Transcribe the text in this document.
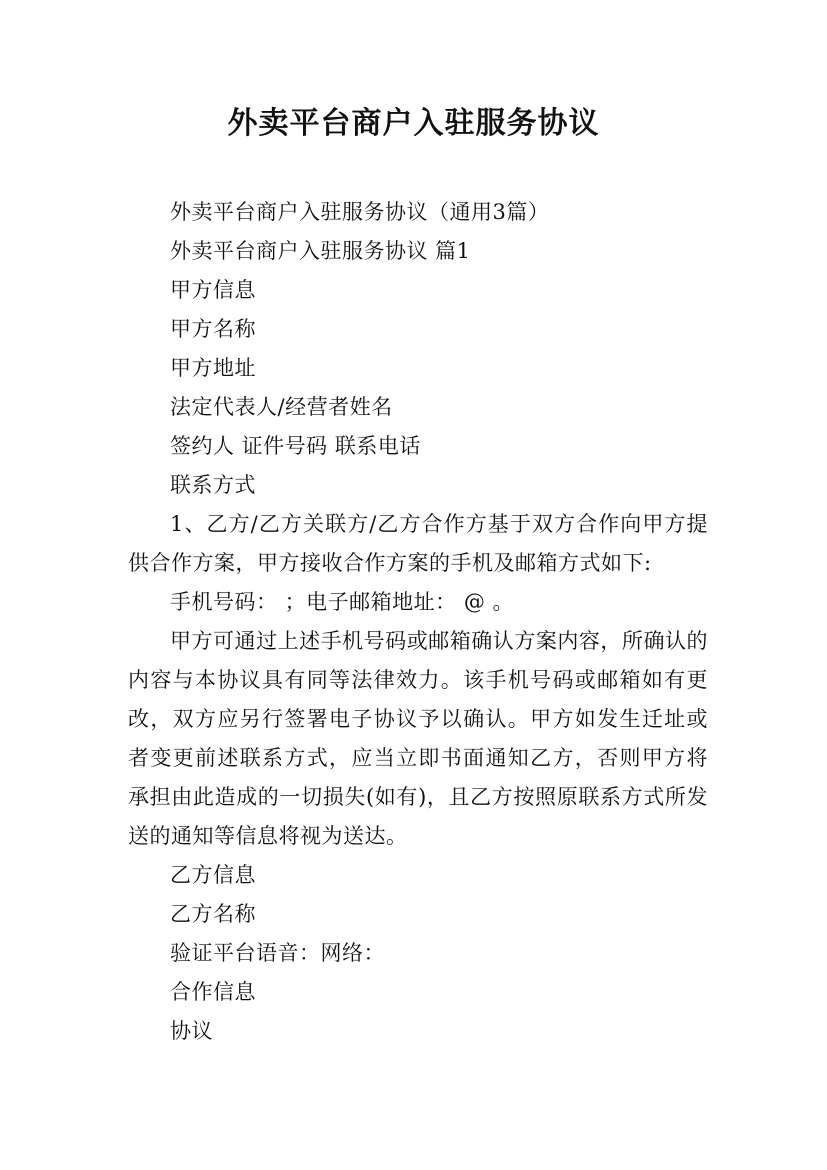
外卖平台商户入驻服务协议

外卖平台商户入驻服务协议（通用3篇）

外卖平台商户入驻服务协议 篇1

甲方信息

甲方名称

甲方地址

法定代表人/经营者姓名

签约人 证件号码 联系电话

联系方式

1、乙方/乙方关联方/乙方合作方基于双方合作向甲方提供合作方案，甲方接收合作方案的手机及邮箱方式如下:

手机号码： ；电子邮箱地址： @ 。

甲方可通过上述手机号码或邮箱确认方案内容，所确认的内容与本协议具有同等法律效力。该手机号码或邮箱如有更改，双方应另行签署电子协议予以确认。甲方如发生迁址或者变更前述联系方式，应当立即书面通知乙方，否则甲方将承担由此造成的一切损失(如有)，且乙方按照原联系方式所发送的通知等信息将视为送达。

乙方信息

乙方名称

验证平台语音：网络：

合作信息

协议
